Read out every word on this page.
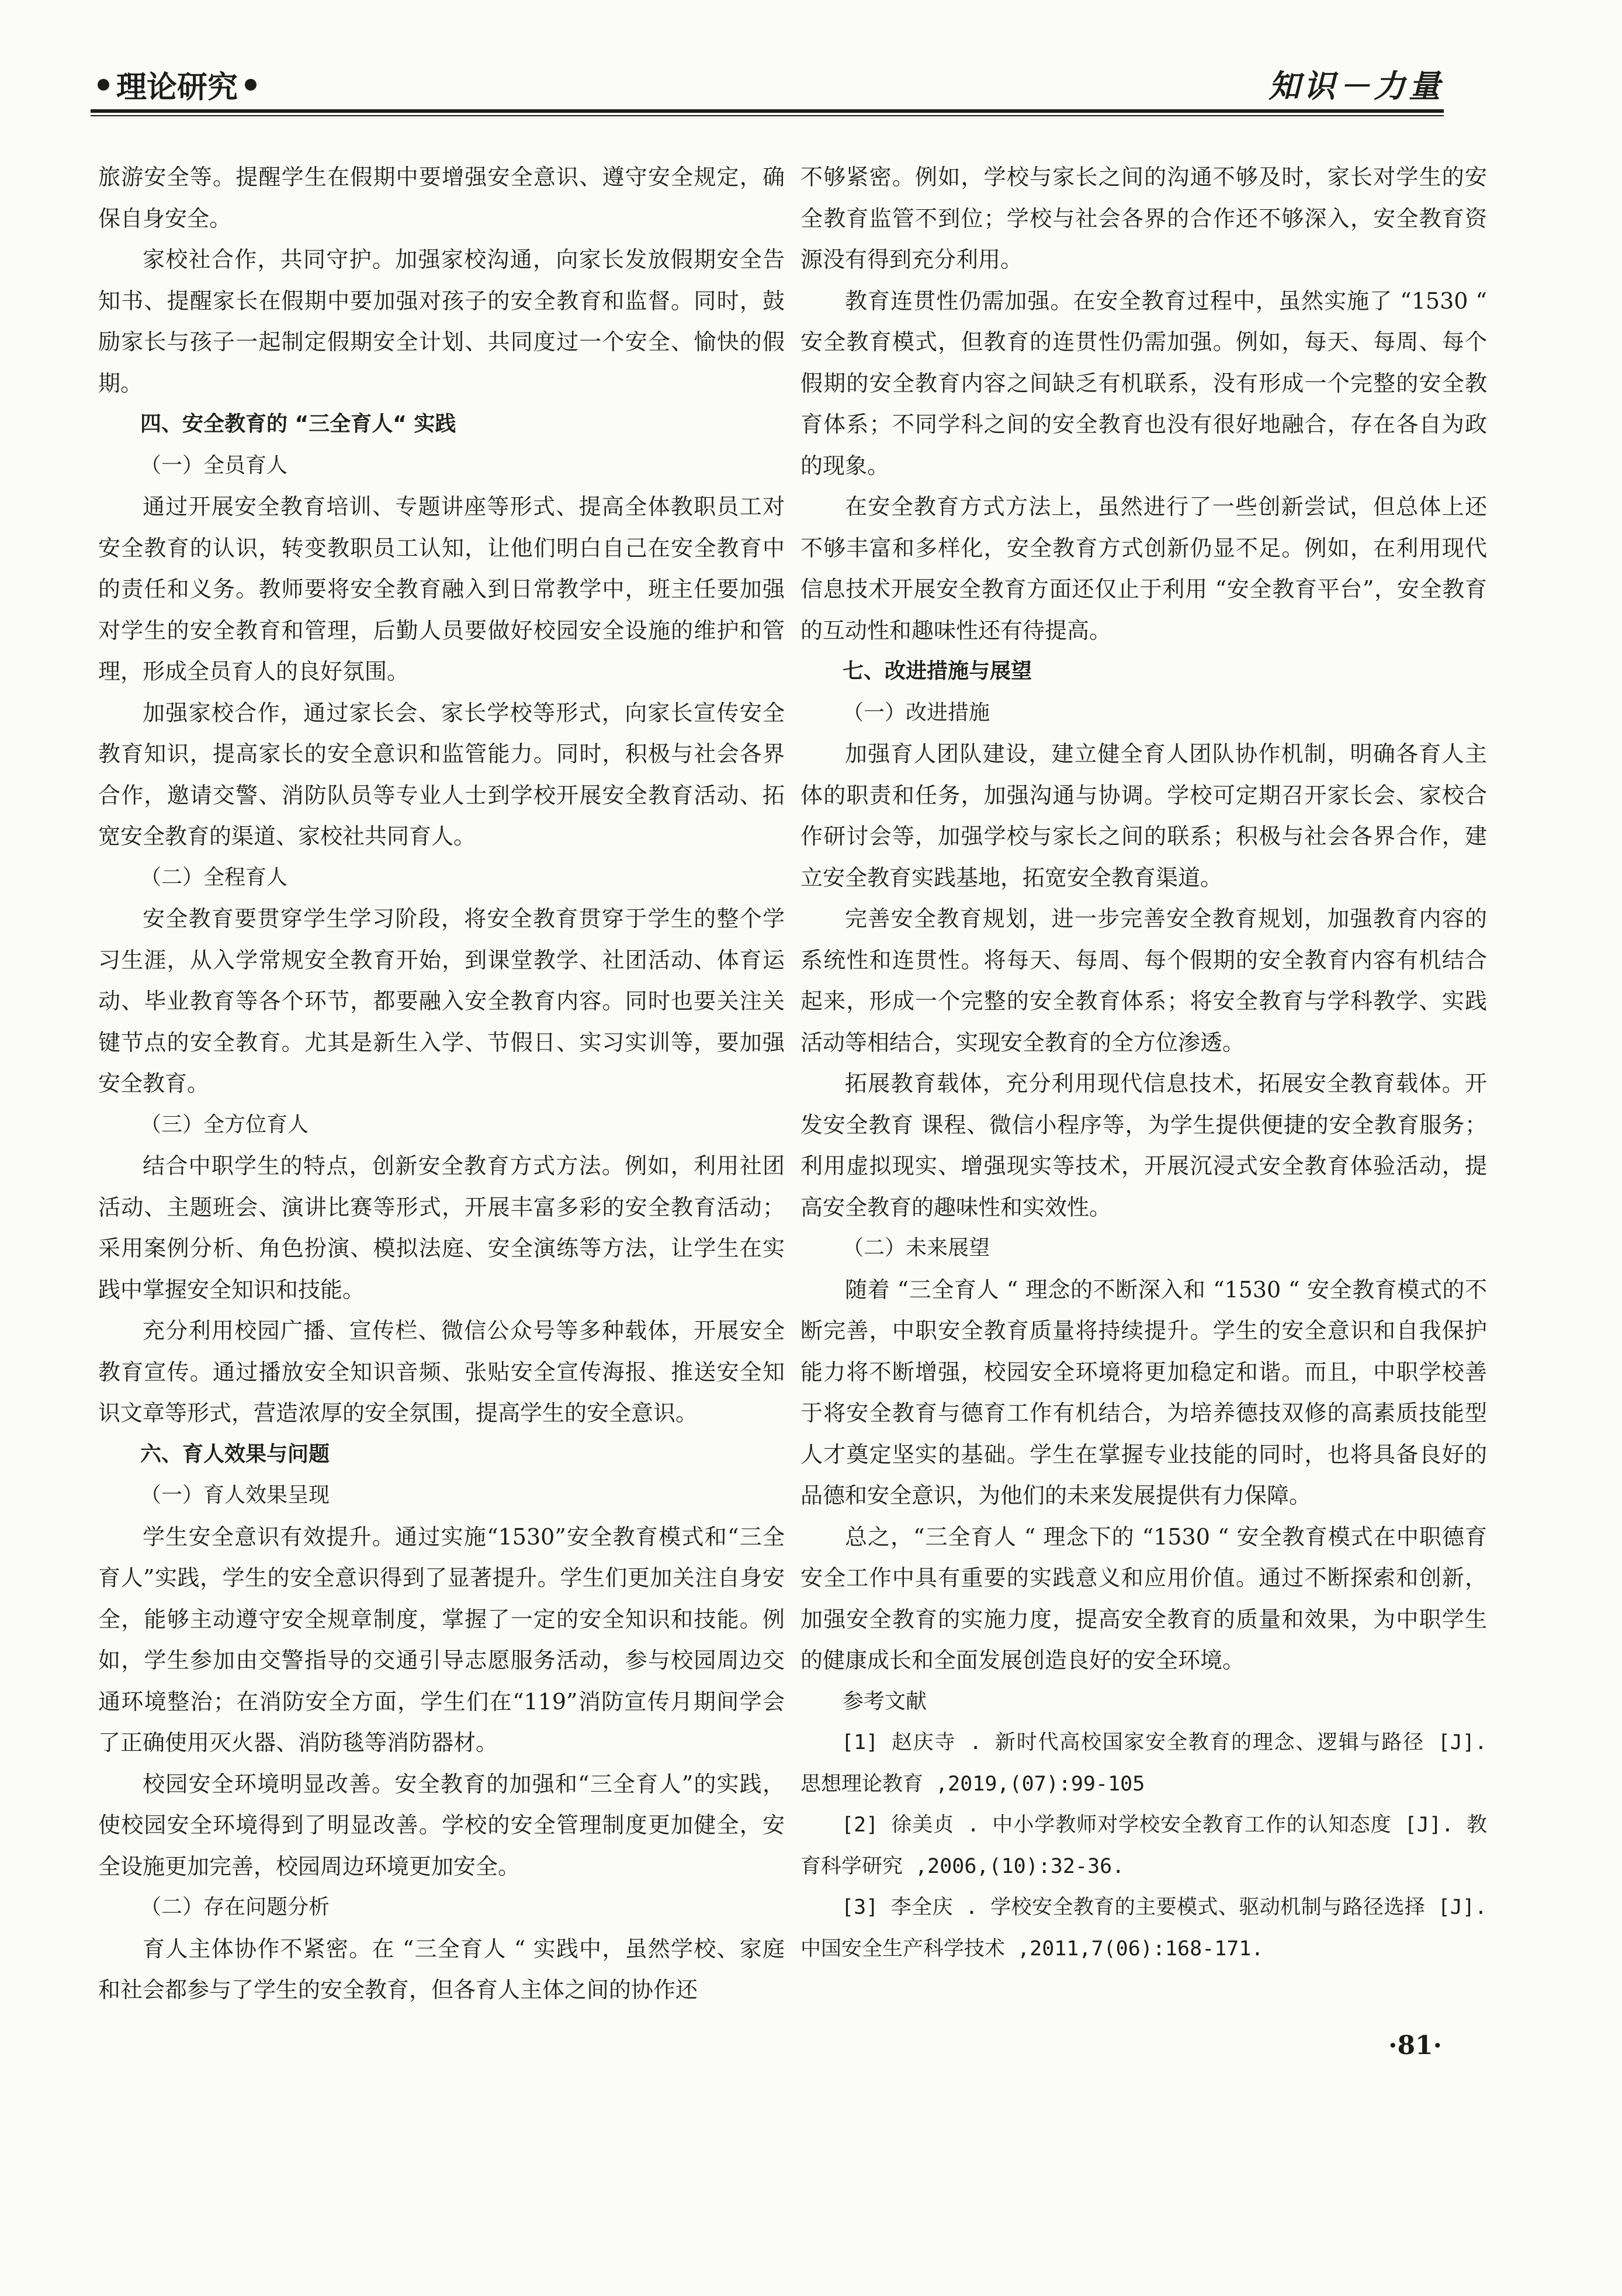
理论研究	知识－力量

旅游安全等。提醒学生在假期中要增强安全意识、遵守安全规定，确保自身安全。

家校社合作，共同守护。加强家校沟通，向家长发放假期安全告知书、提醒家长在假期中要加强对孩子的安全教育和监督。同时，鼓励家长与孩子一起制定假期安全计划、共同度过一个安全、愉快的假期。

四、安全教育的 “三全育人“ 实践

（一）全员育人

通过开展安全教育培训、专题讲座等形式、提高全体教职员工对安全教育的认识，转变教职员工认知，让他们明白自己在安全教育中的责任和义务。教师要将安全教育融入到日常教学中，班主任要加强对学生的安全教育和管理，后勤人员要做好校园安全设施的维护和管理，形成全员育人的良好氛围。

加强家校合作，通过家长会、家长学校等形式，向家长宣传安全教育知识，提高家长的安全意识和监管能力。同时，积极与社会各界合作，邀请交警、消防队员等专业人士到学校开展安全教育活动、拓宽安全教育的渠道、家校社共同育人。

（二）全程育人

安全教育要贯穿学生学习阶段，将安全教育贯穿于学生的整个学习生涯，从入学常规安全教育开始，到课堂教学、社团活动、体育运动、毕业教育等各个环节，都要融入安全教育内容。同时也要关注关键节点的安全教育。尤其是新生入学、节假日、实习实训等，要加强安全教育。

（三）全方位育人

结合中职学生的特点，创新安全教育方式方法。例如，利用社团活动、主题班会、演讲比赛等形式，开展丰富多彩的安全教育活动；采用案例分析、角色扮演、模拟法庭、安全演练等方法，让学生在实践中掌握安全知识和技能。

充分利用校园广播、宣传栏、微信公众号等多种载体，开展安全教育宣传。通过播放安全知识音频、张贴安全宣传海报、推送安全知识文章等形式，营造浓厚的安全氛围，提高学生的安全意识。

六、育人效果与问题

（一）育人效果呈现

学生安全意识有效提升。通过实施“1530”安全教育模式和“三全育人”实践，学生的安全意识得到了显著提升。学生们更加关注自身安全，能够主动遵守安全规章制度，掌握了一定的安全知识和技能。例如，学生参加由交警指导的交通引导志愿服务活动，参与校园周边交通环境整治；在消防安全方面，学生们在“119”消防宣传月期间学会了正确使用灭火器、消防毯等消防器材。

校园安全环境明显改善。安全教育的加强和“三全育人”的实践，使校园安全环境得到了明显改善。学校的安全管理制度更加健全，安全设施更加完善，校园周边环境更加安全。

（二）存在问题分析

育人主体协作不紧密。在 “三全育人 “ 实践中，虽然学校、家庭和社会都参与了学生的安全教育，但各育人主体之间的协作还

不够紧密。例如，学校与家长之间的沟通不够及时，家长对学生的安全教育监管不到位；学校与社会各界的合作还不够深入，安全教育资源没有得到充分利用。

教育连贯性仍需加强。在安全教育过程中，虽然实施了 “1530 “ 安全教育模式，但教育的连贯性仍需加强。例如，每天、每周、每个假期的安全教育内容之间缺乏有机联系，没有形成一个完整的安全教育体系；不同学科之间的安全教育也没有很好地融合，存在各自为政的现象。

在安全教育方式方法上，虽然进行了一些创新尝试，但总体上还不够丰富和多样化，安全教育方式创新仍显不足。例如，在利用现代信息技术开展安全教育方面还仅止于利用 “安全教育平台”，安全教育的互动性和趣味性还有待提高。

七、改进措施与展望

（一）改进措施

加强育人团队建设，建立健全育人团队协作机制，明确各育人主体的职责和任务，加强沟通与协调。学校可定期召开家长会、家校合作研讨会等，加强学校与家长之间的联系；积极与社会各界合作，建立安全教育实践基地，拓宽安全教育渠道。

完善安全教育规划，进一步完善安全教育规划，加强教育内容的系统性和连贯性。将每天、每周、每个假期的安全教育内容有机结合起来，形成一个完整的安全教育体系；将安全教育与学科教学、实践活动等相结合，实现安全教育的全方位渗透。

拓展教育载体，充分利用现代信息技术，拓展安全教育载体。开发安全教育 课程、微信小程序等，为学生提供便捷的安全教育服务；利用虚拟现实、增强现实等技术，开展沉浸式安全教育体验活动，提高安全教育的趣味性和实效性。

（二）未来展望

随着 “三全育人 “ 理念的不断深入和 “1530 “ 安全教育模式的不断完善，中职安全教育质量将持续提升。学生的安全意识和自我保护能力将不断增强，校园安全环境将更加稳定和谐。而且，中职学校善于将安全教育与德育工作有机结合，为培养德技双修的高素质技能型人才奠定坚实的基础。学生在掌握专业技能的同时，也将具备良好的品德和安全意识，为他们的未来发展提供有力保障。

总之，“三全育人 “ 理念下的 “1530 “ 安全教育模式在中职德育安全工作中具有重要的实践意义和应用价值。通过不断探索和创新，加强安全教育的实施力度，提高安全教育的质量和效果，为中职学生的健康成长和全面发展创造良好的安全环境。

参考文献

[1] 赵庆寺 . 新时代高校国家安全教育的理念、逻辑与路径 [J]. 思想理论教育 ,2019,(07):99-105

[2] 徐美贞 . 中小学教师对学校安全教育工作的认知态度 [J]. 教育科学研究 ,2006,(10):32-36.

[3] 李全庆 . 学校安全教育的主要模式、驱动机制与路径选择 [J]. 中国安全生产科学技术 ,2011,7(06):168-171.

·81·
